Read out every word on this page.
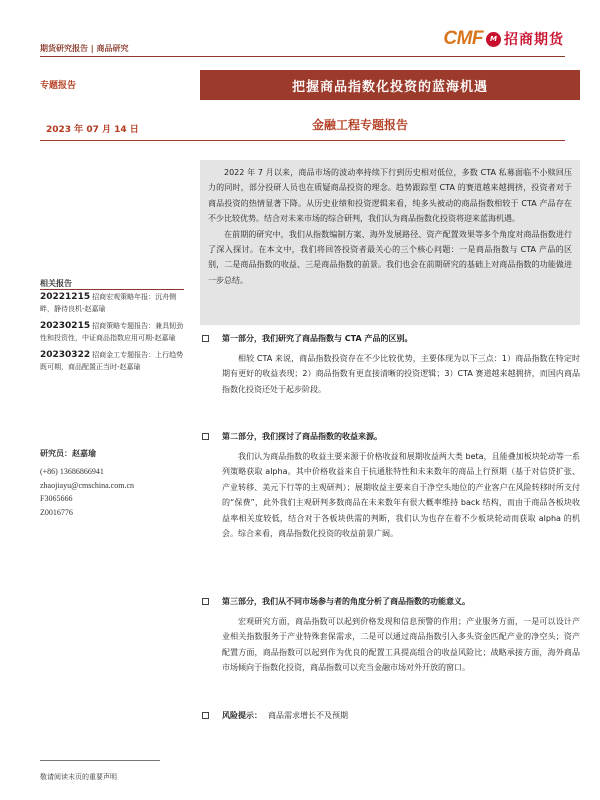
期货研究报告 | 商品研究	CMF	M 招商期货
专题报告	把握商品指数化投资的蓝海机遇
2023 年 07 月 14 日	金融工程专题报告

2022 年 7 月以来，商品市场的波动率持续下行到历史相对低位，多数 CTA 私募面临不小赎回压力的同时，部分投研人员也在质疑商品投资的理念。趋势跟踪型 CTA 的赛道越来越拥挤，投资者对于商品投资的热情显著下降。从历史业绩和投资逻辑来看，纯多头被动的商品指数相较于 CTA 产品存在不少比较优势。结合对未来市场的综合研判，我们认为商品指数化投资将迎来蓝海机遇。

在前期的研究中，我们从指数编制方案、海外发展路径、资产配置效果等多个角度对商品指数进行了深入探讨。在本文中，我们将回答投资者最关心的三个核心问题：一是商品指数与 CTA 产品的区别，二是商品指数的收益、三是商品指数的前景。我们也会在前期研究的基础上对商品指数的功能做进一步总结。

相关报告
20221215 招商宏观策略年报：沉舟侧畔，静待良机-赵嘉瑜
20230215 招商策略专题报告：兼具韧劲性和投资性，中证商品指数应用可期-赵嘉瑜
20230322 招商金工专题报告：上行趋势既可期，商品配置正当时-赵嘉瑜
研究员：赵嘉瑜
(+86) 13686866941
zhaojiayu@cmschina.com.cn
F3065666
Z0016776
第一部分，我们研究了商品指数与 CTA 产品的区别。
相较 CTA 来说，商品指数投资存在不少比较优势，主要体现为以下三点：1）商品指数在特定时期有更好的收益表现；2）商品指数有更直接清晰的投资逻辑；3）CTA 赛道越来越拥挤，而国内商品指数化投资还处于起步阶段。
第二部分，我们探讨了商品指数的收益来源。
我们认为商品指数的收益主要来源于价格收益和展期收益两大类 beta，且能叠加板块轮动等一系列策略获取 alpha。其中价格收益来自于抗通胀特性和未来数年的商品上行预期（基于对信贷扩张、产业转移、美元下行等的主观研判）；展期收益主要来自于净空头地位的产业客户在风险转移时所支付的“保费”，此外我们主观研判多数商品在未来数年有很大概率维持 back 结构，而由于商品各板块收益率相关度较低，结合对于各板块供需的判断，我们认为也存在着不少板块轮动而获取 alpha 的机会。综合来看，商品指数化投资的收益前景广阔。
第三部分，我们从不同市场参与者的角度分析了商品指数的功能意义。
宏观研究方面，商品指数可以起到价格发现和信息预警的作用；产业服务方面，一是可以设计产业相关指数服务于产业特殊套保需求，二是可以通过商品指数引入多头资金匹配产业的净空头；资产配置方面，商品指数可以起到作为优良的配置工具提高组合的收益风险比；战略承接方面，海外商品市场倾向于指数化投资，商品指数可以充当金融市场对外开放的窗口。
风险提示： 商品需求增长不及预期
敬请阅读末页的重要声明
